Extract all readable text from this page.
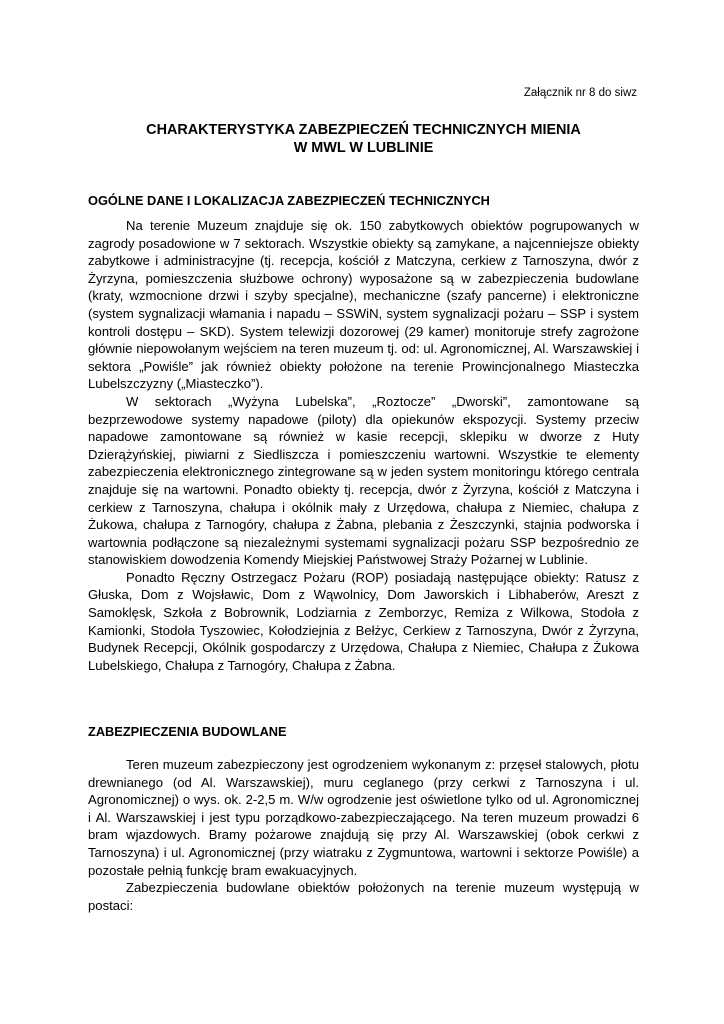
Załącznik nr 8 do siwz
CHARAKTERYSTYKA ZABEZPIECZEŃ TECHNICZNYCH MIENIA
W MWL W LUBLINIE
OGÓLNE DANE I LOKALIZACJA ZABEZPIECZEŃ TECHNICZNYCH

Na terenie Muzeum znajduje się ok. 150 zabytkowych obiektów pogrupowanych w zagrody posadowione w 7 sektorach. Wszystkie obiekty są zamykane, a najcenniejsze obiekty zabytkowe i administracyjne (tj. recepcja, kościół z Matczyna, cerkiew z Tarnoszyna, dwór z Żyrzyna, pomieszczenia służbowe ochrony) wyposażone są w zabezpieczenia budowlane (kraty, wzmocnione drzwi i szyby specjalne), mechaniczne (szafy pancerne) i elektroniczne (system sygnalizacji włamania i napadu – SSWiN, system sygnalizacji pożaru – SSP i system kontroli dostępu – SKD). System telewizji dozorowej (29 kamer) monitoruje strefy zagrożone głównie niepowołanym wejściem na teren muzeum tj. od: ul. Agronomicznej, Al. Warszawskiej i sektora „Powiśle” jak również obiekty położone na terenie Prowincjonalnego Miasteczka Lubelszczyzny („Miasteczko”).

W sektorach „Wyżyna Lubelska”, „Roztocze” „Dworski”, zamontowane są bezprzewodowe systemy napadowe (piloty) dla opiekunów ekspozycji. Systemy przeciw napadowe zamontowane są również w kasie recepcji, sklepiku w dworze z Huty Dzierążyńskiej, piwiarni z Siedliszcza i pomieszczeniu wartowni. Wszystkie te elementy zabezpieczenia elektronicznego zintegrowane są w jeden system monitoringu którego centrala znajduje się na wartowni. Ponadto obiekty tj. recepcja, dwór z Żyrzyna, kościół z Matczyna i cerkiew z Tarnoszyna, chałupa i okólnik mały z Urzędowa, chałupa z Niemiec, chałupa z Żukowa, chałupa z Tarnogóry, chałupa z Żabna, plebania z Żeszczynki, stajnia podworska i wartownia podłączone są niezależnymi systemami sygnalizacji pożaru SSP bezpośrednio ze stanowiskiem dowodzenia Komendy Miejskiej Państwowej Straży Pożarnej w Lublinie.

Ponadto Ręczny Ostrzegacz Pożaru (ROP) posiadają następujące obiekty: Ratusz z Głuska, Dom z Wojsławic, Dom z Wąwolnicy, Dom Jaworskich i Libhaberów, Areszt z Samoklęsk, Szkoła z Bobrownik, Lodziarnia z Zemborzyc, Remiza z Wilkowa, Stodoła z Kamionki, Stodoła Tyszowiec, Kołodziejnia z Bełżyc, Cerkiew z Tarnoszyna, Dwór z Żyrzyna, Budynek Recepcji, Okólnik gospodarczy z Urzędowa, Chałupa z Niemiec, Chałupa z Żukowa Lubelskiego, Chałupa z Tarnogóry, Chałupa z Żabna.

ZABEZPIECZENIA BUDOWLANE

Teren muzeum zabezpieczony jest ogrodzeniem wykonanym z: przęseł stalowych, płotu drewnianego (od Al. Warszawskiej), muru ceglanego (przy cerkwi z Tarnoszyna i ul. Agronomicznej) o wys. ok. 2-2,5 m. W/w ogrodzenie jest oświetlone tylko od ul. Agronomicznej i Al. Warszawskiej i jest typu porządkowo-zabezpieczającego. Na teren muzeum prowadzi 6 bram wjazdowych. Bramy pożarowe znajdują się przy Al. Warszawskiej (obok cerkwi z Tarnoszyna) i ul. Agronomicznej (przy wiatraku z Zygmuntowa, wartowni i sektorze Powiśle) a pozostałe pełnią funkcję bram ewakuacyjnych.

Zabezpieczenia budowlane obiektów położonych na terenie muzeum występują w postaci:
